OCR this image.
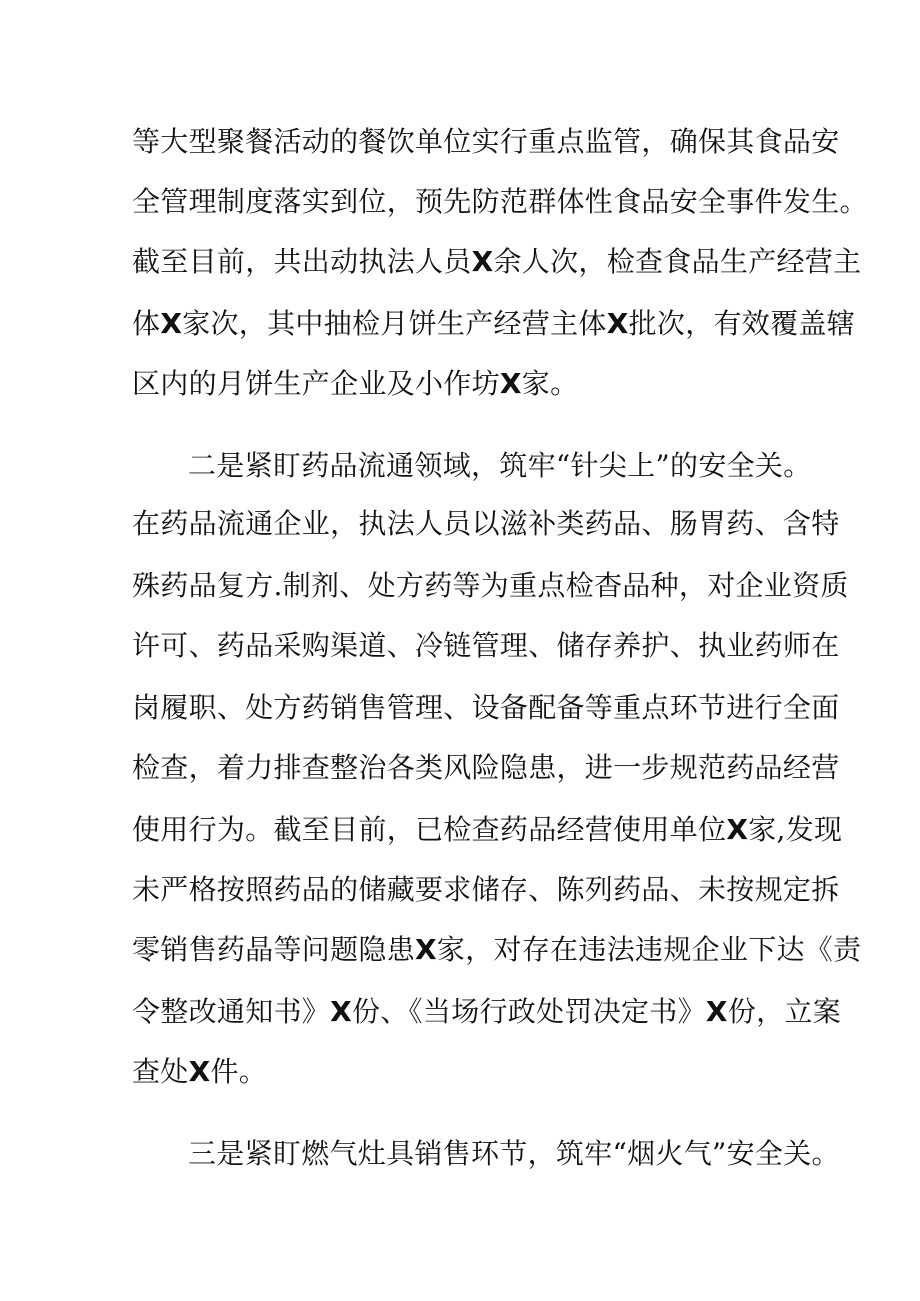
等大型聚餐活动的餐饮单位实行重点监管，确保其食品安
全管理制度落实到位，预先防范群体性食品安全事件发生。
截至目前，共出动执法人员X余人次，检查食品生产经营主
体X家次，其中抽检月饼生产经营主体X批次，有效覆盖辖
区内的月饼生产企业及小作坊X家。
二是紧盯药品流通领域，筑牢“针尖上”的安全关。
在药品流通企业，执法人员以滋补类药品、肠胃药、含特
殊药品复方.制剂、处方药等为重点检杳品种，对企业资质
许可、药品采购渠道、冷链管理、储存养护、执业药师在
岗履职、处方药销售管理、设备配备等重点环节进行全面
检查，着力排查整治各类风险隐患，进一步规范药品经营
使用行为。截至目前，已检查药品经营使用单位X家,发现
未严格按照药品的储藏要求储存、陈列药品、未按规定拆
零销售药晶等问题隐患X家，对存在违法违规企业下达《责
令整改通知书》X份、《当场行政处罚决定书》X份，立案
查处X件。
三是紧盯燃气灶具销售环节，筑牢“烟火气”安全关。
